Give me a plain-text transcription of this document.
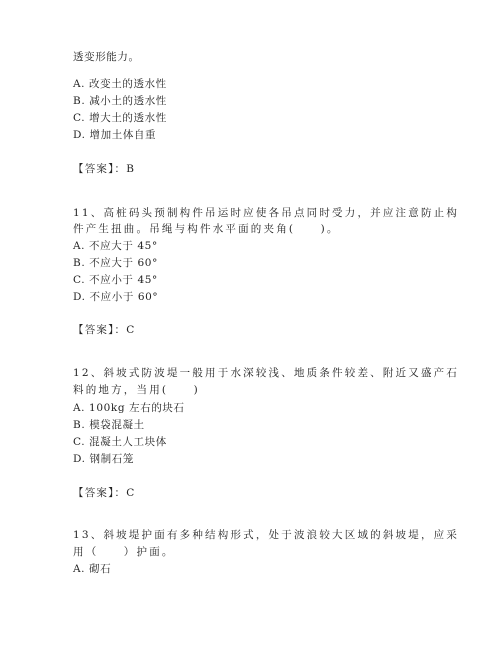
透变形能力。
A. 改变土的透水性
B. 减小土的透水性
C. 增大土的透水性
D. 增加土体自重
【答案】：B
11、高桩码头预制构件吊运时应使各吊点同时受力，并应注意防止构
件产生扭曲。吊绳与构件水平面的夹角(　　)。
A. 不应大于 45°
B. 不应大于 60°
C. 不应小于 45°
D. 不应小于 60°
【答案】：C
12、斜坡式防波堤一般用于水深较浅、地质条件较差、附近又盛产石
料的地方，当用(　　)
A. 100kg 左右的块石
B. 模袋混凝土
C. 混凝土人工块体
D. 钢制石笼
【答案】：C
13、斜坡堤护面有多种结构形式，处于波浪较大区域的斜坡堤，应采
用（　　）护面。
A. 砌石
